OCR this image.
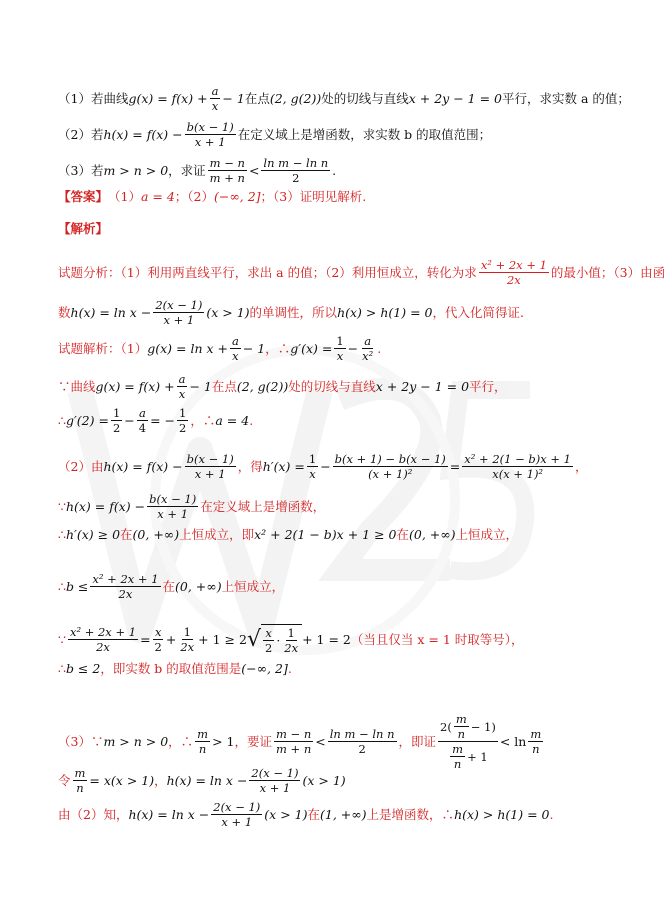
（1）若曲线 $g(x) = f(x) + \frac{a}{x} - 1$ 在点 (2, g(2)) 处的切线与直线 x + 2y − 1 = 0 平行，求实数 a 的值；
（2）若 $h(x) = f(x) - \frac{b(x - 1)}{x + 1}$ 在定义域上是增函数，求实数 b 的取值范围；
（3）若 m > n > 0 ，求证 $\frac{m - n}{m + n} < \frac{\text{ln m − ln n}}{2}$ .
【答案】 （1） a = 4 ；（2） (−∞, 2] ；（3）证明见解析.
【解析】
试题分析：（1）利用两直线平行，求出 a 的值；（2）利用恒成立，转化为求 $\frac{\text{x² + 2x + 1}}{2x}$ 的最小值；（3）由函
数 $h(x) = \ln x - \frac{2(x - 1)}{x + 1} (x > 1)$ 的单调性，所以 h(x) > h(1) = 0 ，代入化简得证.
试题解析：（1） $g(x) = \ln x + \frac{a}{x} - 1$ ，∴ $g'(x) = \frac{1}{x} - \frac{a}{\text{x²}}$ .
∵曲线 $g(x) = f(x) + \frac{a}{x} - 1$ 在点 (2, g(2)) 处的切线与直线 x + 2y − 1 = 0 平行，
∴ $g'(2) = \frac{1}{2} - \frac{a}{4}$ = − $\frac{1}{2}$ ，∴ a = 4 .
（2）由 $h(x) = f(x) - \frac{b(x - 1)}{x + 1}$ ，得 $h'(x) = \frac{1}{x} - \frac{b(x + 1) - b(x - 1)}{\text{(x + 1)²}} = \frac{\text{x² + 2(1 − b)x + 1}}{\text{x(x + 1)²}}$ ，
∵ $h(x) = f(x) - \frac{b(x - 1)}{x + 1}$ 在定义域上是增函数，
∴ h′(x) ≥ 0 在 (0, +∞) 上恒成立，即 x² + 2(1 − b)x + 1 ≥ 0 在 (0, +∞) 上恒成立，
∴ $b \le \frac{\text{x² + 2x + 1}}{2x}$ 在 (0, +∞) 上恒成立，
∵ $\frac{\text{x² + 2x + 1}}{2x} = \frac{x}{2} + \frac{1}{2x} + 1 \ge 2$ √ $\frac{x}{2} \cdot \frac{1}{2x} + 1 = 2$ （当且仅当 x = 1 时取等号），
∴ b ≤ 2 ，即实数 b 的取值范围是 (−∞, 2] .
（3）∵ m > n > 0 ，∴ $\frac{m}{n} > 1$ ，要证 $\frac{m - n}{m + n} < \frac{\text{ln m − ln n}}{2}$ ，即证 $\frac{2( \frac{m}{n} - 1)}{\frac{m}{n} + 1} < \ln \frac{m}{n}$
令 $\frac{m}{n} = x(x > 1)$ ， $h(x) = \ln x - \frac{2(x - 1)}{x + 1} (x > 1)$
由（2）知， $h(x) = \ln x - \frac{2(x - 1)}{x + 1} (x > 1)$ 在 (1, +∞) 上是增函数，∴ h(x) > h(1) = 0 .
